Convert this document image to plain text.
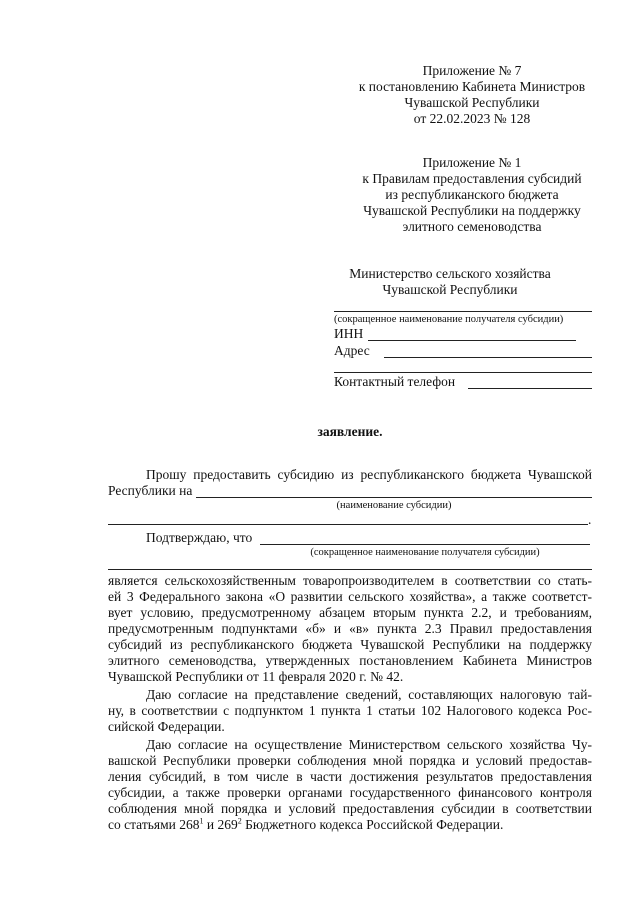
Приложение № 7
к постановлению Кабинета Министров
Чувашской Республики
от 22.02.2023 № 128
Приложение № 1
к Правилам предоставления субсидий
из республиканского бюджета
Чувашской Республики на поддержку
элитного семеноводства
Министерство сельского хозяйства
Чувашской Республики
(сокращенное наименование получателя субсидии)
ИНН
Адрес
Контактный телефон
заявление.
Прошу предоставить субсидию из республиканского бюджета Чувашской
Республики на
(наименование субсидии)
.
Подтверждаю, что
(сокращенное наименование получателя субсидии)
является сельскохозяйственным товаропроизводителем в соответствии со стать-
ей 3 Федерального закона «О развитии сельского хозяйства», а также соответст-
вует условию, предусмотренному абзацем вторым пункта 2.2, и требованиям,
предусмотренным подпунктами «б» и «в» пункта 2.3 Правил предоставления
субсидий из республиканского бюджета Чувашской Республики на поддержку
элитного семеноводства, утвержденных постановлением Кабинета Министров
Чувашской Республики от 11 февраля 2020 г. № 42.
Даю согласие на представление сведений, составляющих налоговую тай-
ну, в соответствии с подпунктом 1 пункта 1 статьи 102 Налогового кодекса Рос-
сийской Федерации.
Даю согласие на осуществление Министерством сельского хозяйства Чу-
вашской Республики проверки соблюдения мной порядка и условий предостав-
ления субсидий, в том числе в части достижения результатов предоставления
субсидии, а также проверки органами государственного финансового контроля
соблюдения мной порядка и условий предоставления субсидии в соответствии
со статьями $268^1$ и $269^2$ Бюджетного кодекса Российской Федерации.
